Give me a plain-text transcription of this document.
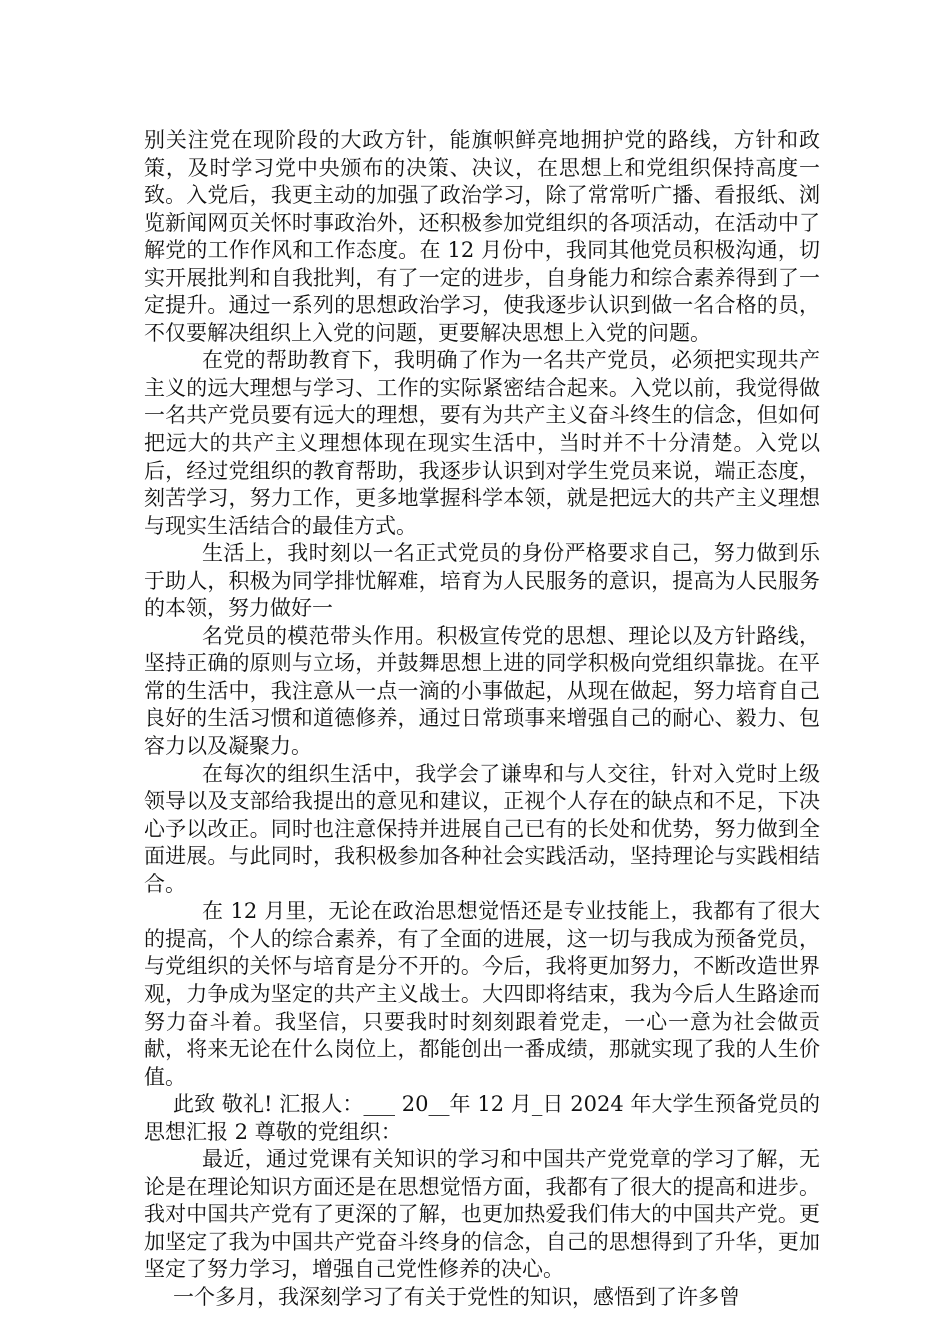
别关注党在现阶段的大政方针，能旗帜鲜亮地拥护党的路线，方针和政策，及时学习党中央颁布的决策、决议，在思想上和党组织保持高度一致。入党后，我更主动的加强了政治学习，除了常常听广播、看报纸、浏览新闻网页关怀时事政治外，还积极参加党组织的各项活动，在活动中了解党的工作作风和工作态度。在 12 月份中，我同其他党员积极沟通，切实开展批判和自我批判，有了一定的进步，自身能力和综合素养得到了一定提升。通过一系列的思想政治学习，使我逐步认识到做一名合格的员，不仅要解决组织上入党的问题，更要解决思想上入党的问题。

在党的帮助教育下，我明确了作为一名共产党员，必须把实现共产主义的远大理想与学习、工作的实际紧密结合起来。入党以前，我觉得做一名共产党员要有远大的理想，要有为共产主义奋斗终生的信念，但如何把远大的共产主义理想体现在现实生活中，当时并不十分清楚。入党以后，经过党组织的教育帮助，我逐步认识到对学生党员来说，端正态度，刻苦学习，努力工作，更多地掌握科学本领，就是把远大的共产主义理想与现实生活结合的最佳方式。

生活上，我时刻以一名正式党员的身份严格要求自己，努力做到乐于助人，积极为同学排忧解难，培育为人民服务的意识，提高为人民服务的本领，努力做好一

名党员的模范带头作用。积极宣传党的思想、理论以及方针路线，坚持正确的原则与立场，并鼓舞思想上进的同学积极向党组织靠拢。在平常的生活中，我注意从一点一滴的小事做起，从现在做起，努力培育自己良好的生活习惯和道德修养，通过日常琐事来增强自己的耐心、毅力、包容力以及凝聚力。

在每次的组织生活中，我学会了谦卑和与人交往，针对入党时上级领导以及支部给我提出的意见和建议，正视个人存在的缺点和不足，下决心予以改正。同时也注意保持并进展自己已有的长处和优势，努力做到全面进展。与此同时，我积极参加各种社会实践活动，坚持理论与实践相结合。

在 12 月里，无论在政治思想觉悟还是专业技能上，我都有了很大的提高，个人的综合素养，有了全面的进展，这一切与我成为预备党员，与党组织的关怀与培育是分不开的。今后，我将更加努力，不断改造世界观，力争成为坚定的共产主义战士。大四即将结束，我为今后人生路途而努力奋斗着。我坚信，只要我时时刻刻跟着党走，一心一意为社会做贡献，将来无论在什么岗位上，都能创出一番成绩，那就实现了我的人生价值。

此致 敬礼! 汇报人：___ 20__年 12 月_日 2024 年大学生预备党员的思想汇报 2 尊敬的党组织：

最近，通过党课有关知识的学习和中国共产党党章的学习了解，无论是在理论知识方面还是在思想觉悟方面，我都有了很大的提高和进步。我对中国共产党有了更深的了解，也更加热爱我们伟大的中国共产党。更加坚定了我为中国共产党奋斗终身的信念，自己的思想得到了升华，更加坚定了努力学习，增强自己党性修养的决心。

一个多月，我深刻学习了有关于党性的知识，感悟到了许多曾
